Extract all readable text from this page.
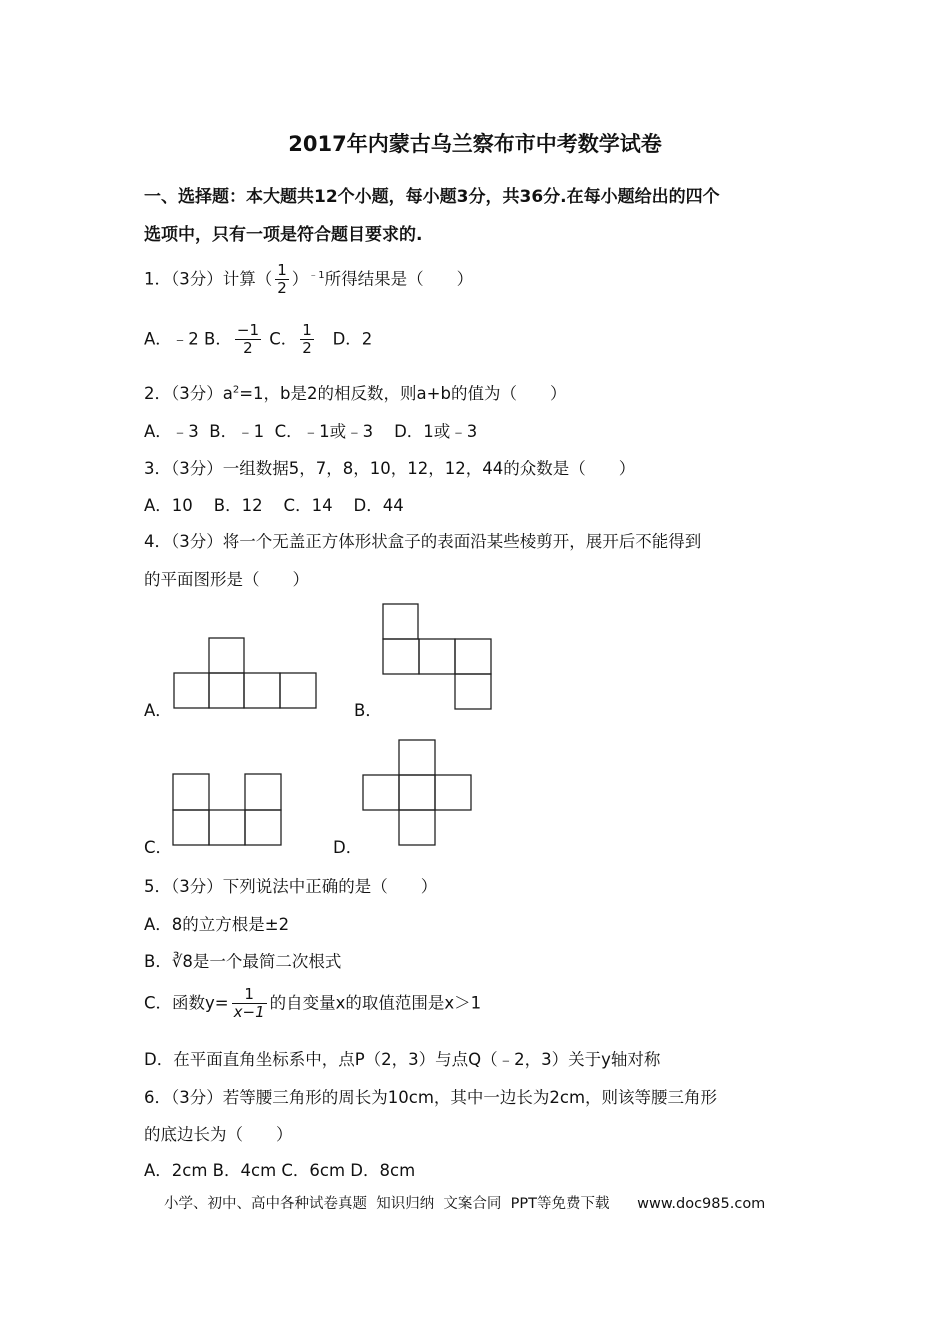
2017年内蒙古乌兰察布市中考数学试卷
一、选择题：本大题共12个小题，每小题3分，共36分.在每小题给出的四个
选项中，只有一项是符合题目要求的.
1．（3分）计算（ $\frac{1}{2} )^{﹣1}$所得结果是（　　）
A．﹣2 B． $\frac{-1}{2}$ C． $\frac{1}{2}$ D．2
2．（3分）$a^2=1$，b是2的相反数，则a+b的值为（　　）
A．﹣3  B．﹣1  C．﹣1或﹣3    D．1或﹣3
3．（3分）一组数据5，7，8，10，12，12，44的众数是（　　）
A．10    B．12    C．14    D．44
4．（3分）将一个无盖正方体形状盒子的表面沿某些棱剪开，展开后不能得到
的平面图形是（　　）
A．	B．
C．	D．
5．（3分）下列说法中正确的是（　　）
A．8的立方根是±2
B．∛8是一个最简二次根式
C．函数$y= \frac{1}{x-1}$ 的自变量x的取值范围是x＞1
D．在平面直角坐标系中，点P（2，3）与点Q（﹣2，3）关于y轴对称
6．（3分）若等腰三角形的周长为10cm，其中一边长为2cm，则该等腰三角形
的底边长为（　　）
A．2cm B．4cm C．6cm D．8cm
小学、初中、高中各种试卷真题  知识归纳  文案合同  PPT等免费下载      www.doc985.com
